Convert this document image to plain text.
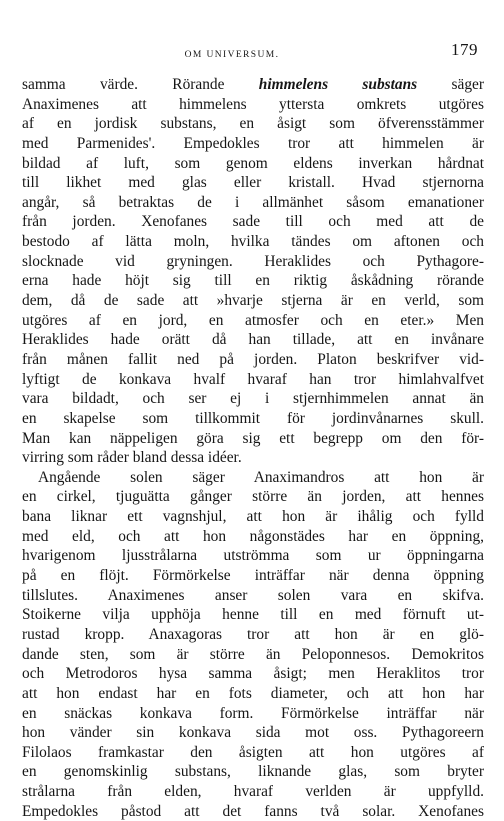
OM UNIVERSUM.	179
samma värde. Rörande himmelens substans säger
Anaximenes att himmelens yttersta omkrets utgöres
af en jordisk substans, en åsigt som öfverensstämmer
med Parmenides'. Empedokles tror att himmelen är
bildad af luft, som genom eldens inverkan hårdnat
till likhet med glas eller kristall. Hvad stjernorna
angår, så betraktas de i allmänhet såsom emanationer
från jorden. Xenofanes sade till och med att de
bestodo af lätta moln, hvilka tändes om aftonen och
slocknade vid gryningen. Heraklides och Pythagore-
erna hade höjt sig till en riktig åskådning rörande
dem, då de sade att »hvarje stjerna är en verld, som
utgöres af en jord, en atmosfer och en eter.» Men
Heraklides hade orätt då han tillade, att en invånare
från månen fallit ned på jorden. Platon beskrifver vid-
lyftigt de konkava hvalf hvaraf han tror himlahvalfvet
vara bildadt, och ser ej i stjernhimmelen annat än
en skapelse som tillkommit för jordinvånarnes skull.
Man kan näppeligen göra sig ett begrepp om den för-
virring som råder bland dessa idéer.
Angående solen säger Anaximandros att hon är
en cirkel, tjuguätta gånger större än jorden, att hennes
bana liknar ett vagnshjul, att hon är ihålig och fylld
med eld, och att hon någonstädes har en öppning,
hvarigenom ljusstrålarna utströmma som ur öppningarna
på en flöjt. Förmörkelse inträffar när denna öppning
tillslutes. Anaximenes anser solen vara en skifva.
Stoikerne vilja upphöja henne till en med förnuft ut-
rustad kropp. Anaxagoras tror att hon är en glö-
dande sten, som är större än Peloponnesos. Demokritos
och Metrodoros hysa samma åsigt; men Heraklitos tror
att hon endast har en fots diameter, och att hon har
en snäckas konkava form. Förmörkelse inträffar när
hon vänder sin konkava sida mot oss. Pythagoreern
Filolaos framkastar den åsigten att hon utgöres af
en genomskinlig substans, liknande glas, som bryter
strålarna från elden, hvaraf verlden är uppfylld.
Empedokles påstod att det fanns två solar. Xenofanes
